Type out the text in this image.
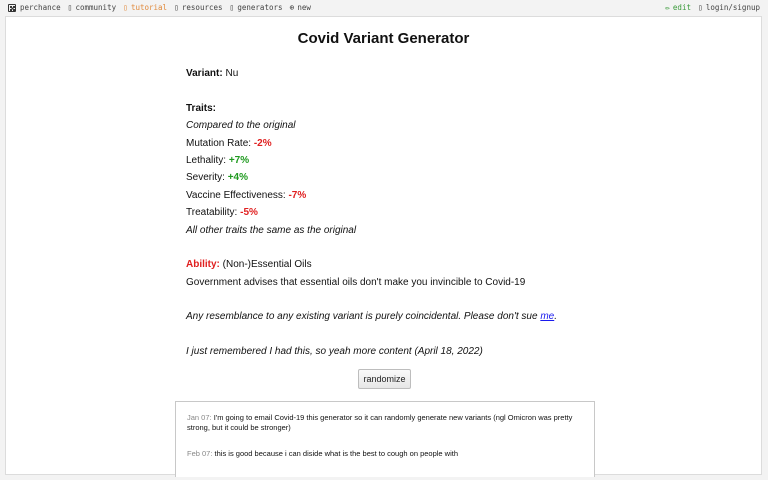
perchance ▯ community ▯ tutorial ▯ resources ▯ generators ⊕ new	✏ edit ▯ login/signup
Covid Variant Generator
Variant: Nu
Traits:
Compared to the original
Mutation Rate: -2%
Lethality: +7%
Severity: +4%
Vaccine Effectiveness: -7%
Treatability: -5%
All other traits the same as the original
Ability: (Non-)Essential Oils
Government advises that essential oils don't make you invincible to Covid-19
Any resemblance to any existing variant is purely coincidental. Please don't sue me.
I just remembered I had this, so yeah more content (April 18, 2022)
randomize
Jan 07: I'm going to email Covid-19 this generator so it can randomly generate new variants (ngl Omicron was pretty strong, but it could be stronger)
Feb 07: this is good because i can diside what is the best to cough on people with
